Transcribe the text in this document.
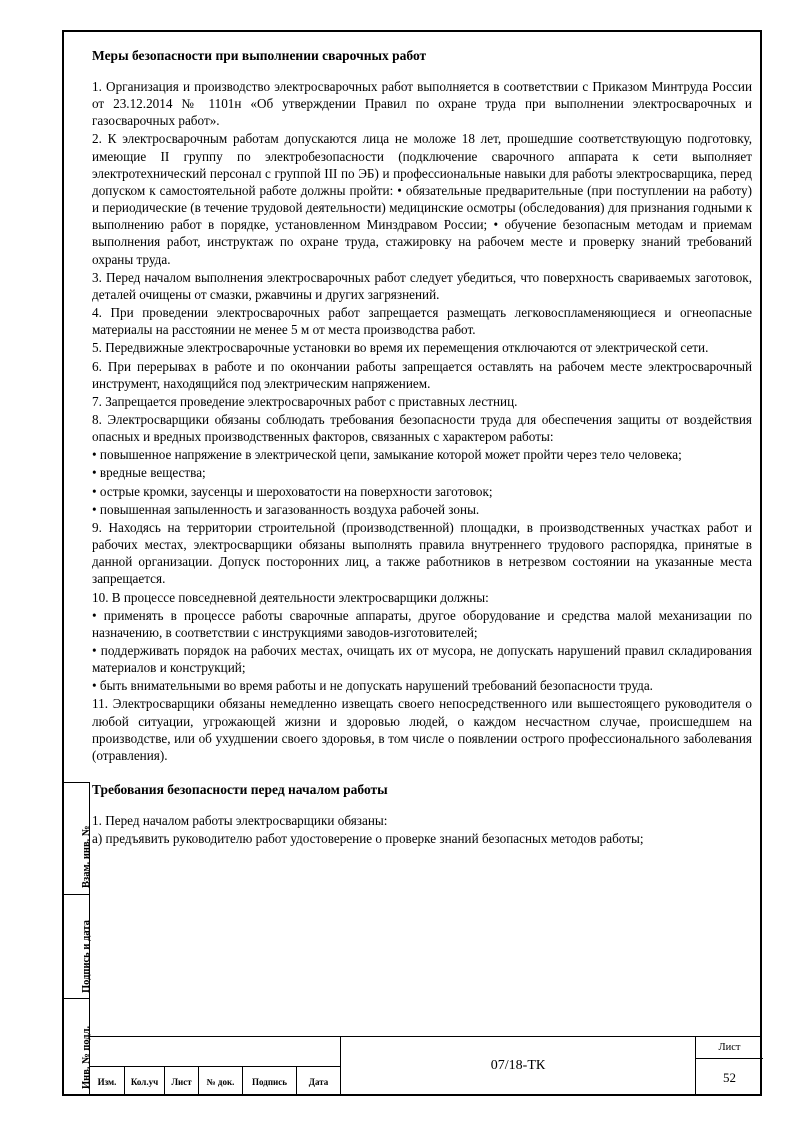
Взам. инв. №
Подпись и дата
Инв. № подл.
Меры безопасности при выполнении сварочных работ

1. Организация и производство электросварочных работ выполняется в соответствии с Приказом Минтруда России от 23.12.2014 № 1101н «Об утверждении Правил по охране труда при выполнении электросварочных и газосварочных работ».

2. К электросварочным работам допускаются лица не моложе 18 лет, прошедшие соответствующую подготовку, имеющие II группу по электробезопасности (подключение сварочного аппарата к сети выполняет электротехнический персонал с группой III по ЭБ) и профессиональные навыки для работы электросварщика, перед допуском к самостоятельной работе должны пройти: • обязательные предварительные (при поступлении на работу) и периодические (в течение трудовой деятельности) медицинские осмотры (обследования) для признания годными к выполнению работ в порядке, установленном Минздравом России; • обучение безопасным методам и приемам выполнения работ, инструктаж по охране труда, стажировку на рабочем месте и проверку знаний требований охраны труда.

3. Перед началом выполнения электросварочных работ следует убедиться, что поверхность свариваемых заготовок, деталей очищены от смазки, ржавчины и других загрязнений.

4. При проведении электросварочных работ запрещается размещать легковоспламеняющиеся и огнеопасные материалы на расстоянии не менее 5 м от места производства работ.

5. Передвижные электросварочные установки во время их перемещения отключаются от электрической сети.

6. При перерывах в работе и по окончании работы запрещается оставлять на рабочем месте электросварочный инструмент, находящийся под электрическим напряжением.

7. Запрещается проведение электросварочных работ с приставных лестниц.

8. Электросварщики обязаны соблюдать требования безопасности труда для обеспечения защиты от воздействия опасных и вредных производственных факторов, связанных с характером работы:

• повышенное напряжение в электрической цепи, замыкание которой может пройти через тело человека;

• вредные вещества;

• острые кромки, заусенцы и шероховатости на поверхности заготовок;

• повышенная запыленность и загазованность воздуха рабочей зоны.

9. Находясь на территории строительной (производственной) площадки, в производственных участках работ и рабочих местах, электросварщики обязаны выполнять правила внутреннего трудового распорядка, принятые в данной организации. Допуск посторонних лиц, а также работников в нетрезвом состоянии на указанные места запрещается.

10. В процессе повседневной деятельности электросварщики должны:

• применять в процессе работы сварочные аппараты, другое оборудование и средства малой механизации по назначению, в соответствии с инструкциями заводов-изготовителей;

• поддерживать порядок на рабочих местах, очищать их от мусора, не допускать нарушений правил складирования материалов и конструкций;

• быть внимательными во время работы и не допускать нарушений требований безопасности труда.

11. Электросварщики обязаны немедленно извещать своего непосредственного или вышестоящего руководителя о любой ситуации, угрожающей жизни и здоровью людей, о каждом несчастном случае, происшедшем на производстве, или об ухудшении своего здоровья, в том числе о появлении острого профессионального заболевания (отравления).

Требования безопасности перед началом работы

1. Перед началом работы электросварщики обязаны:

а) предъявить руководителю работ удостоверение о проверке знаний безопасных методов работы;

Изм.	Кол.уч	Лист	№ док.	Подпись	Дата
07/18-ТК
Лист
52
